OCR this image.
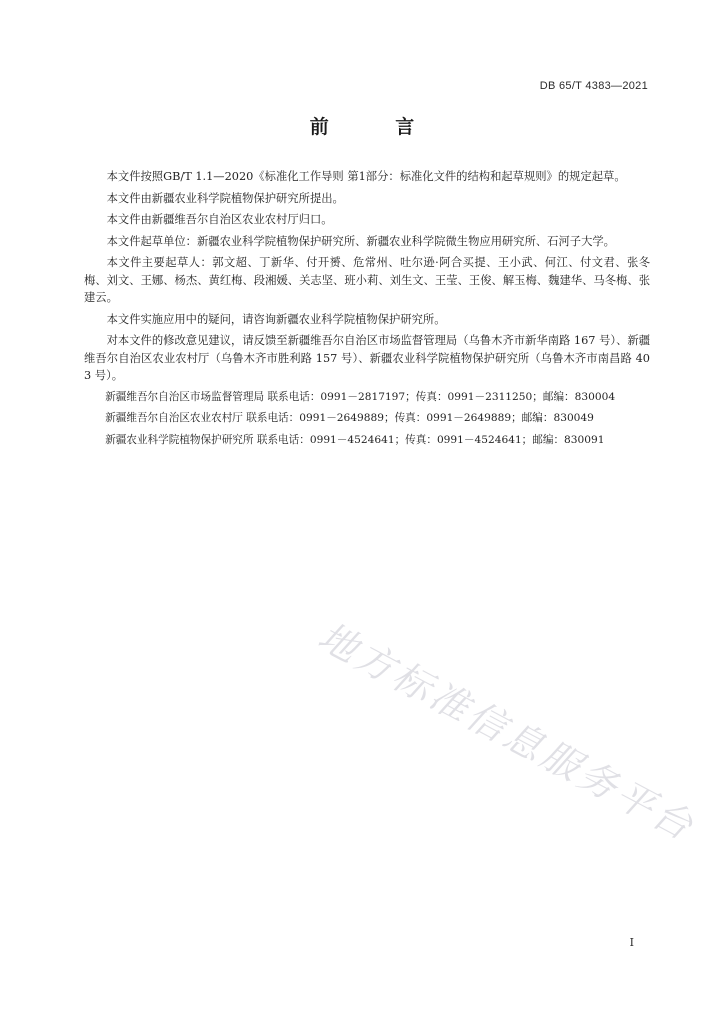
DB 65/T 4383—2021
前 言

本文件按照GB/T 1.1—2020《标准化工作导则 第1部分：标准化文件的结构和起草规则》的规定起草。

本文件由新疆农业科学院植物保护研究所提出。

本文件由新疆维吾尔自治区农业农村厅归口。

本文件起草单位：新疆农业科学院植物保护研究所、新疆农业科学院微生物应用研究所、石河子大学。

本文件主要起草人：郭文超、丁新华、付开赟、危常州、吐尔逊·阿合买提、王小武、何江、付文君、张冬梅、刘文、王娜、杨杰、黄红梅、段湘媛、关志坚、班小莉、刘生文、王莹、王俊、解玉梅、魏建华、马冬梅、张建云。

本文件实施应用中的疑问，请咨询新疆农业科学院植物保护研究所。

对本文件的修改意见建议，请反馈至新疆维吾尔自治区市场监督管理局（乌鲁木齐市新华南路 167 号）、新疆维吾尔自治区农业农村厅（乌鲁木齐市胜利路 157 号）、新疆农业科学院植物保护研究所（乌鲁木齐市南昌路 403 号）。

新疆维吾尔自治区市场监督管理局 联系电话：0991－2817197；传真：0991－2311250；邮编：830004

新疆维吾尔自治区农业农村厅 联系电话：0991－2649889；传真：0991－2649889；邮编：830049

新疆农业科学院植物保护研究所 联系电话：0991－4524641；传真：0991－4524641；邮编：830091

地方标准信息服务平台
I
